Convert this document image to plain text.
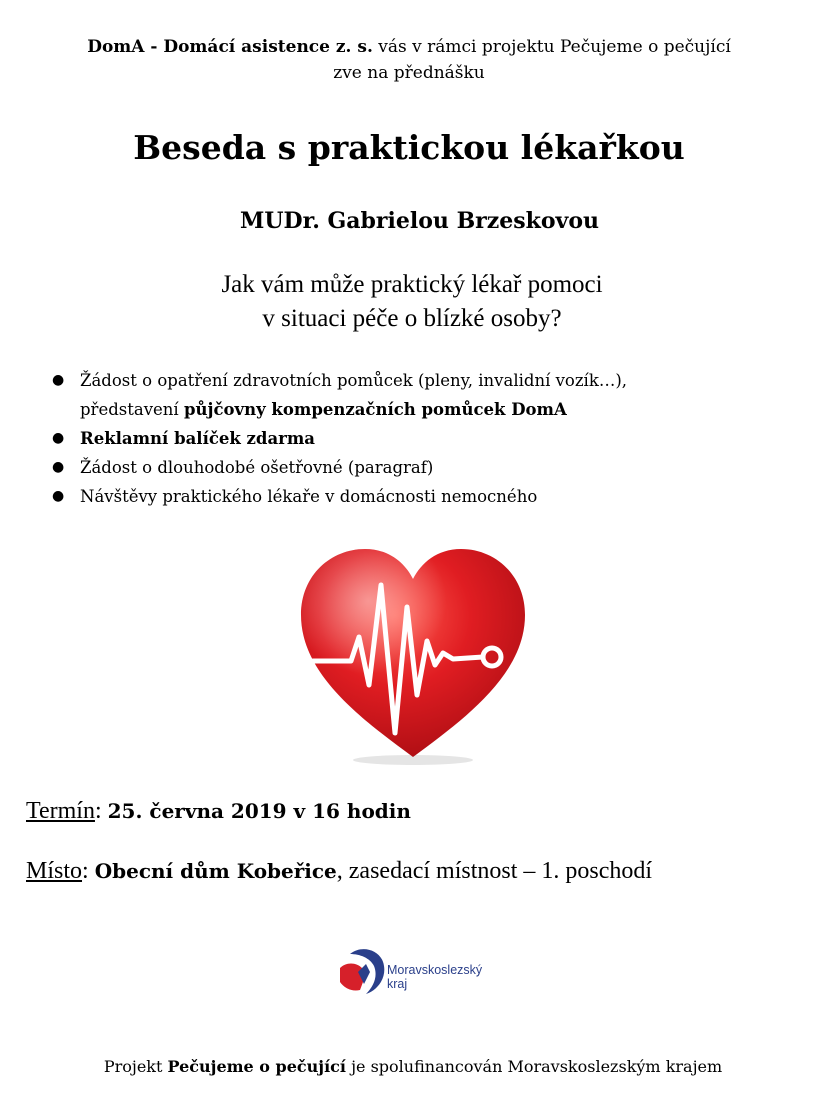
DomA - Domácí asistence z. s. vás v rámci projektu Pečujeme o pečující
zve na přednášku
Beseda s praktickou lékařkou
MUDr. Gabrielou Brzeskovou
Jak vám může praktický lékař pomoci
v situaci péče o blízké osoby?
● Žádost o opatření zdravotních pomůcek (pleny, invalidní vozík…),
představení půjčovny kompenzačních pomůcek DomA
● Reklamní balíček zdarma
● Žádost o dlouhodobé ošetřovné (paragraf)
● Návštěvy praktického lékaře v domácnosti nemocného
Termín: 25. června 2019 v 16 hodin
Místo: Obecní dům Kobeřice, zasedací místnost – 1. poschodí
Moravskoslezský
kraj
Projekt Pečujeme o pečující je spolufinancován Moravskoslezským krajem
